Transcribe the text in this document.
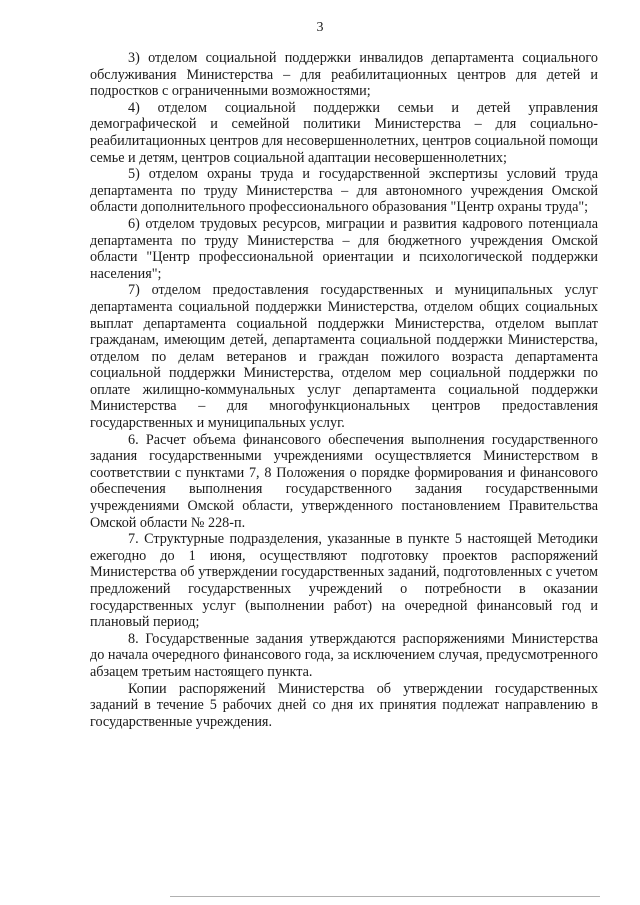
3

3) отделом социальной поддержки инвалидов департамента социального обслуживания Министерства – для реабилитационных центров для детей и подростков с ограниченными возможностями;

4) отделом социальной поддержки семьи и детей управления демографической и семейной политики Министерства – для социально-реабилитационных центров для несовершеннолетних, центров социальной помощи семье и детям, центров социальной адаптации несовершеннолетних;

5) отделом охраны труда и государственной экспертизы условий труда департамента по труду Министерства – для автономного учреждения Омской области дополнительного профессионального образования "Центр охраны труда";

6) отделом трудовых ресурсов, миграции и развития кадрового потенциала департамента по труду Министерства – для бюджетного учреждения Омской области "Центр профессиональной ориентации и психологической поддержки населения";

7) отделом предоставления государственных и муниципальных услуг департамента социальной поддержки Министерства, отделом общих социальных выплат департамента социальной поддержки Министерства, отделом выплат гражданам, имеющим детей, департамента социальной поддержки Министерства, отделом по делам ветеранов и граждан пожилого возраста департамента социальной поддержки Министерства, отделом мер социальной поддержки по оплате жилищно-коммунальных услуг департамента социальной поддержки Министерства – для многофункциональных центров предоставления государственных и муниципальных услуг.

6. Расчет объема финансового обеспечения выполнения государственного задания государственными учреждениями осуществляется Министерством в соответствии с пунктами 7, 8 Положения о порядке формирования и финансового обеспечения выполнения государственного задания государственными учреждениями Омской области, утвержденного постановлением Правительства Омской области № 228-п.

7. Структурные подразделения, указанные в пункте 5 настоящей Методики ежегодно до 1 июня, осуществляют подготовку проектов распоряжений Министерства об утверждении государственных заданий, подготовленных с учетом предложений государственных учреждений о потребности в оказании государственных услуг (выполнении работ) на очередной финансовый год и плановый период;

8. Государственные задания утверждаются распоряжениями Министерства до начала очередного финансового года, за исключением случая, предусмотренного абзацем третьим настоящего пункта.

Копии распоряжений Министерства об утверждении государственных заданий в течение 5 рабочих дней со дня их принятия подлежат направлению в государственные учреждения.
